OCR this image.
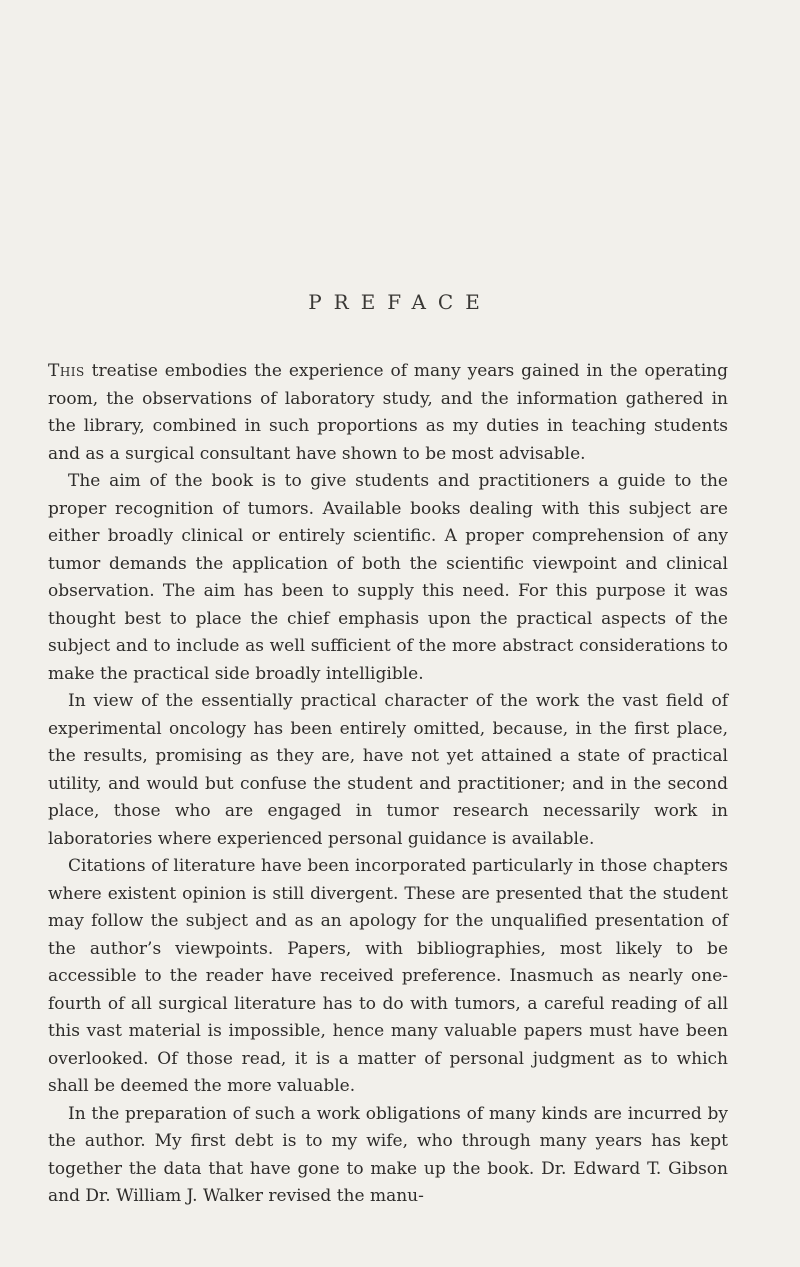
PREFACE

This treatise embodies the experience of many years gained in the operating room, the observations of laboratory study, and the information gathered in the library, combined in such proportions as my duties in teaching students and as a surgical consultant have shown to be most advisable.

The aim of the book is to give students and practitioners a guide to the proper recognition of tumors. Available books dealing with this subject are either broadly clinical or entirely scientific. A proper comprehension of any tumor demands the application of both the scientific viewpoint and clinical observation. The aim has been to supply this need. For this purpose it was thought best to place the chief emphasis upon the practical aspects of the subject and to include as well sufficient of the more abstract considerations to make the practical side broadly intelligible.

In view of the essentially practical character of the work the vast field of experimental oncology has been entirely omitted, because, in the first place, the results, promising as they are, have not yet attained a state of practical utility, and would but confuse the student and practitioner; and in the second place, those who are engaged in tumor research necessarily work in laboratories where experienced personal guidance is available.

Citations of literature have been incorporated particularly in those chapters where existent opinion is still divergent. These are presented that the student may follow the subject and as an apology for the unqualified presentation of the author’s viewpoints. Papers, with bibliographies, most likely to be accessible to the reader have received preference. Inasmuch as nearly one-fourth of all surgical literature has to do with tumors, a careful reading of all this vast material is impossible, hence many valuable papers must have been overlooked. Of those read, it is a matter of personal judgment as to which shall be deemed the more valuable.

In the preparation of such a work obligations of many kinds are incurred by the author. My first debt is to my wife, who through many years has kept together the data that have gone to make up the book. Dr. Edward T. Gibson and Dr. William J. Walker revised the manu-
